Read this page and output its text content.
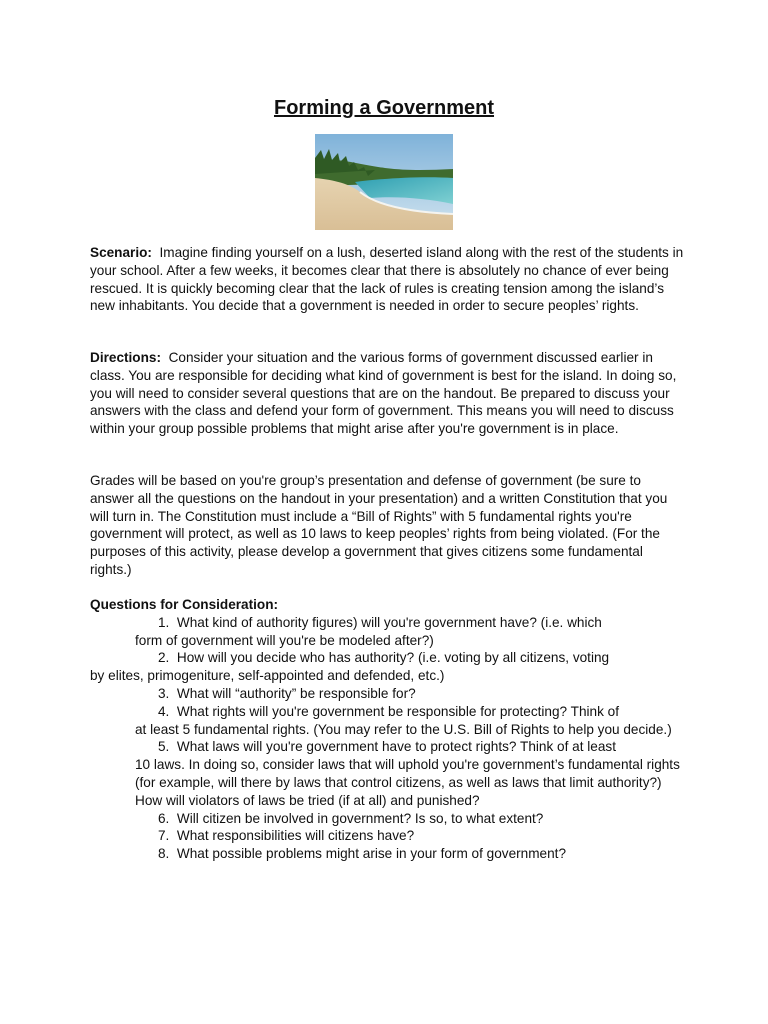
Forming a Government

Scenario: Imagine finding yourself on a lush, deserted island along with the rest of the students in your school. After a few weeks, it becomes clear that there is absolutely no chance of ever being rescued. It is quickly becoming clear that the lack of rules is creating tension among the island’s new inhabitants. You decide that a government is needed in order to secure peoples’ rights.

Directions: Consider your situation and the various forms of government discussed earlier in class. You are responsible for deciding what kind of government is best for the island. In doing so, you will need to consider several questions that are on the handout. Be prepared to discuss your answers with the class and defend your form of government. This means you will need to discuss within your group possible problems that might arise after you're government is in place.

Grades will be based on you're group’s presentation and defense of government (be sure to answer all the questions on the handout in your presentation) and a written Constitution that you will turn in. The Constitution must include a “Bill of Rights” with 5 fundamental rights you're government will protect, as well as 10 laws to keep peoples’ rights from being violated. (For the purposes of this activity, please develop a government that gives citizens some fundamental rights.)

Questions for Consideration:

1. What kind of authority figures) will you're government have? (i.e. which
form of government will you're be modeled after?)
2. How will you decide who has authority? (i.e. voting by all citizens, voting
by elites, primogeniture, self-appointed and defended, etc.)
3. What will “authority” be responsible for?
4. What rights will you're government be responsible for protecting? Think of
at least 5 fundamental rights. (You may refer to the U.S. Bill of Rights to help you decide.)
5. What laws will you're government have to protect rights? Think of at least
10 laws. In doing so, consider laws that will uphold you're government’s fundamental rights (for example, will there by laws that control citizens, as well as laws that limit authority?) How will violators of laws be tried (if at all) and punished?
6. Will citizen be involved in government? Is so, to what extent?
7. What responsibilities will citizens have?
8. What possible problems might arise in your form of government?
